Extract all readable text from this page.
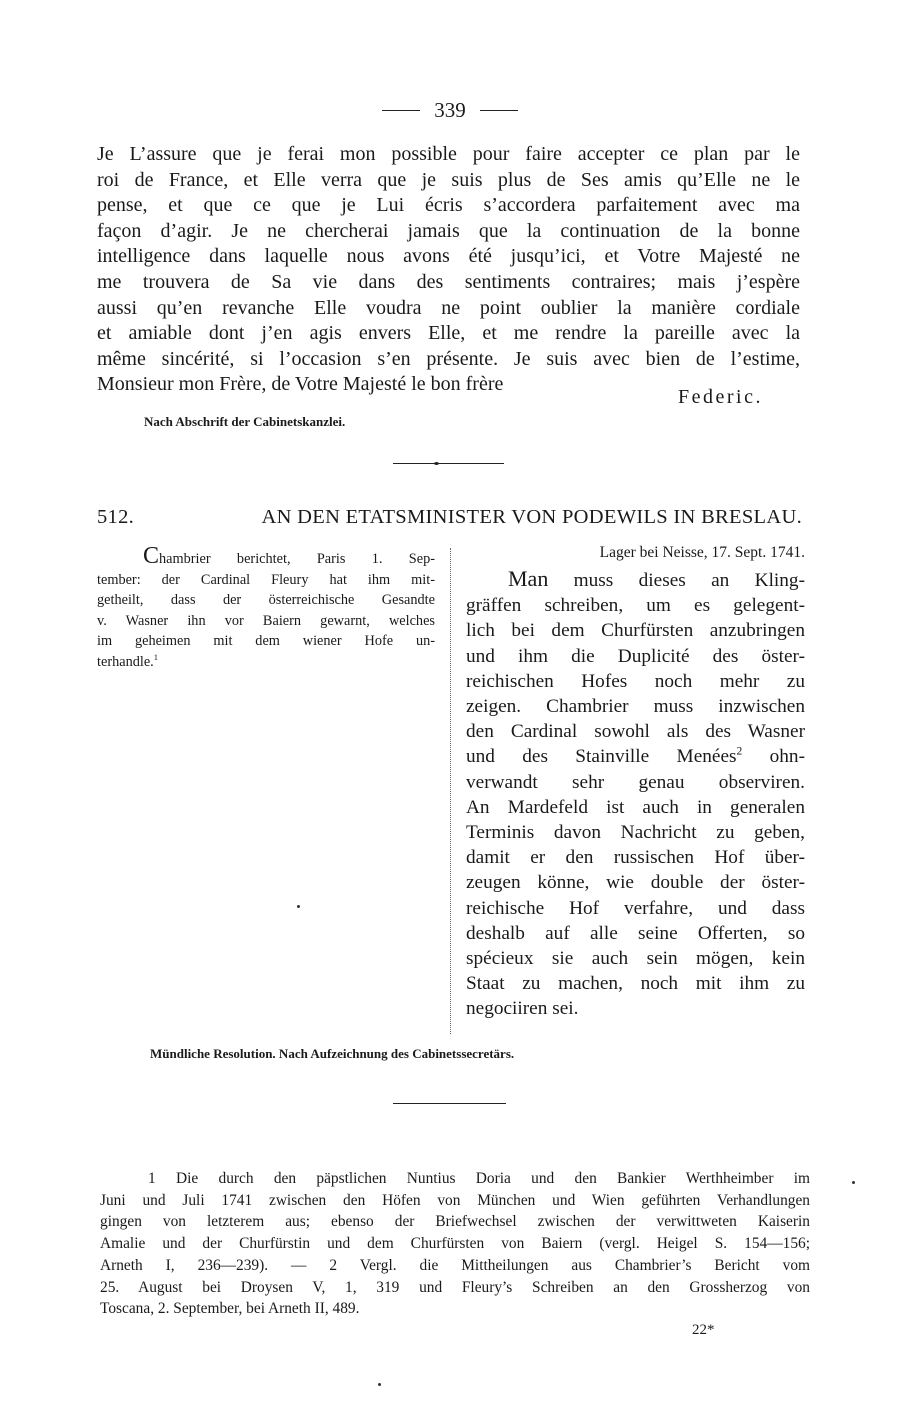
339
Je L’assure que je ferai mon possible pour faire accepter ce plan par le
roi de France, et Elle verra que je suis plus de Ses amis qu’Elle ne le
pense, et que ce que je Lui écris s’accordera parfaitement avec ma
façon d’agir. Je ne chercherai jamais que la continuation de la bonne
intelligence dans laquelle nous avons été jusqu’ici, et Votre Majesté ne
me trouvera de Sa vie dans des sentiments contraires; mais j’espère
aussi qu’en revanche Elle voudra ne point oublier la manière cordiale
et amiable dont j’en agis envers Elle, et me rendre la pareille avec la
même sincérité, si l’occasion s’en présente. Je suis avec bien de l’estime,
Monsieur mon Frère, de Votre Majesté le bon frère
Federic.
Nach Abschrift der Cabinetskanzlei.
512.	AN DEN ETATSMINISTER VON PODEWILS IN BRESLAU.
Chambrier berichtet, Paris 1. Sep-
tember: der Cardinal Fleury hat ihm mit-
getheilt, dass der österreichische Gesandte
v. Wasner ihn vor Baiern gewarnt, welches
im geheimen mit dem wiener Hofe un-
terhandle.$^1$
Lager bei Neisse, 17. Sept. 1741.
Man muss dieses an Kling-
gräffen schreiben, um es gelegent-
lich bei dem Churfürsten anzubringen
und ihm die Duplicité des öster-
reichischen Hofes noch mehr zu
zeigen. Chambrier muss inzwischen
den Cardinal sowohl als des Wasner
und des Stainville Menées$^2$ ohn-
verwandt sehr genau observiren.
An Mardefeld ist auch in generalen
Terminis davon Nachricht zu geben,
damit er den russischen Hof über-
zeugen könne, wie double der öster-
reichische Hof verfahre, und dass
deshalb auf alle seine Offerten, so
spécieux sie auch sein mögen, kein
Staat zu machen, noch mit ihm zu
negociiren sei.
Mündliche Resolution. Nach Aufzeichnung des Cabinetssecretärs.
1 Die durch den päpstlichen Nuntius Doria und den Bankier Werthheimber im
Juni und Juli 1741 zwischen den Höfen von München und Wien geführten Verhandlungen
gingen von letzterem aus; ebenso der Briefwechsel zwischen der verwittweten Kaiserin
Amalie und der Churfürstin und dem Churfürsten von Baiern (vergl. Heigel S. 154—156;
Arneth I, 236—239). — 2 Vergl. die Mittheilungen aus Chambrier’s Bericht vom
25. August bei Droysen V, 1, 319 und Fleury’s Schreiben an den Grossherzog von
Toscana, 2. September, bei Arneth II, 489.
22*
